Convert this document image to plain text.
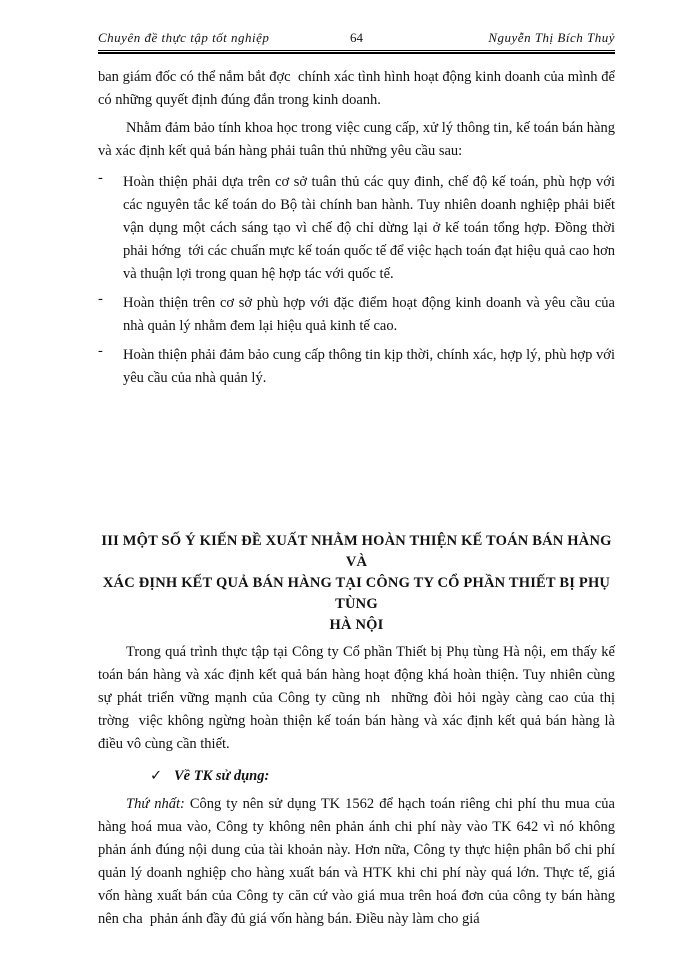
Chuyên đề thực tập tốt nghiệp	64	Nguyễn Thị Bích Thuỷ

ban giám đốc có thể nắm bắt đợc  chính xác tình hình hoạt động kinh doanh của mình để có những quyết định đúng đắn trong kinh doanh.

Nhằm đảm bảo tính khoa học trong việc cung cấp, xử lý thông tin, kế toán bán hàng và xác định kết quả bán hàng phải tuân thủ những yêu cầu sau:

-	Hoàn thiện phải dựa trên cơ sở tuân thủ các quy đinh, chế độ kế toán, phù hợp với các nguyên tắc kế toán do Bộ tài chính ban hành. Tuy nhiên doanh nghiệp phải biết vận dụng một cách sáng tạo vì chế độ chỉ dừng lại ở kế toán tổng hợp. Đồng thời phải hớng  tới các chuẩn mực kế toán quốc tế để việc hạch toán đạt hiệu quả cao hơn và thuận lợi trong quan hệ hợp tác với quốc tế.
-	Hoàn thiện trên cơ sở phù hợp với đặc điểm hoạt động kinh doanh và yêu cầu của nhà quản lý nhằm đem lại hiệu quả kinh tế cao.
-	Hoàn thiện phải đảm bảo cung cấp thông tin kịp thời, chính xác, hợp lý, phù hợp với yêu cầu của nhà quản lý.
III MỘT SỐ Ý KIẾN ĐỀ XUẤT NHẰM HOÀN THIỆN KẾ TOÁN BÁN HÀNG VÀ
XÁC ĐỊNH KẾT QUẢ BÁN HÀNG TẠI CÔNG TY CỔ PHẦN THIẾT BỊ PHỤ TÙNG
HÀ NỘI

Trong quá trình thực tập tại Công ty Cổ phần Thiết bị Phụ tùng Hà nội, em thấy kế toán bán hàng và xác định kết quả bán hàng hoạt động khá hoàn thiện. Tuy nhiên cùng sự phát triển vững mạnh của Công ty cũng nh  những đòi hỏi ngày càng cao của thị trờng  việc không ngừng hoàn thiện kế toán bán hàng và xác định kết quả bán hàng là điều vô cùng cần thiết.

✓ Về TK sử dụng:

Thứ nhất: Công ty nên sử dụng TK 1562 để hạch toán riêng chi phí thu mua của hàng hoá mua vào, Công ty không nên phản ánh chi phí này vào TK 642 vì nó không phản ánh đúng nội dung của tài khoản này. Hơn nữa, Công ty thực hiện phân bổ chi phí quản lý doanh nghiệp cho hàng xuất bán và HTK khi chi phí này quá lớn. Thực tế, giá vốn hàng xuất bán của Công ty căn cứ vào giá mua trên hoá đơn của công ty bán hàng nên cha  phản ánh đầy đủ giá vốn hàng bán. Điều này làm cho giá
